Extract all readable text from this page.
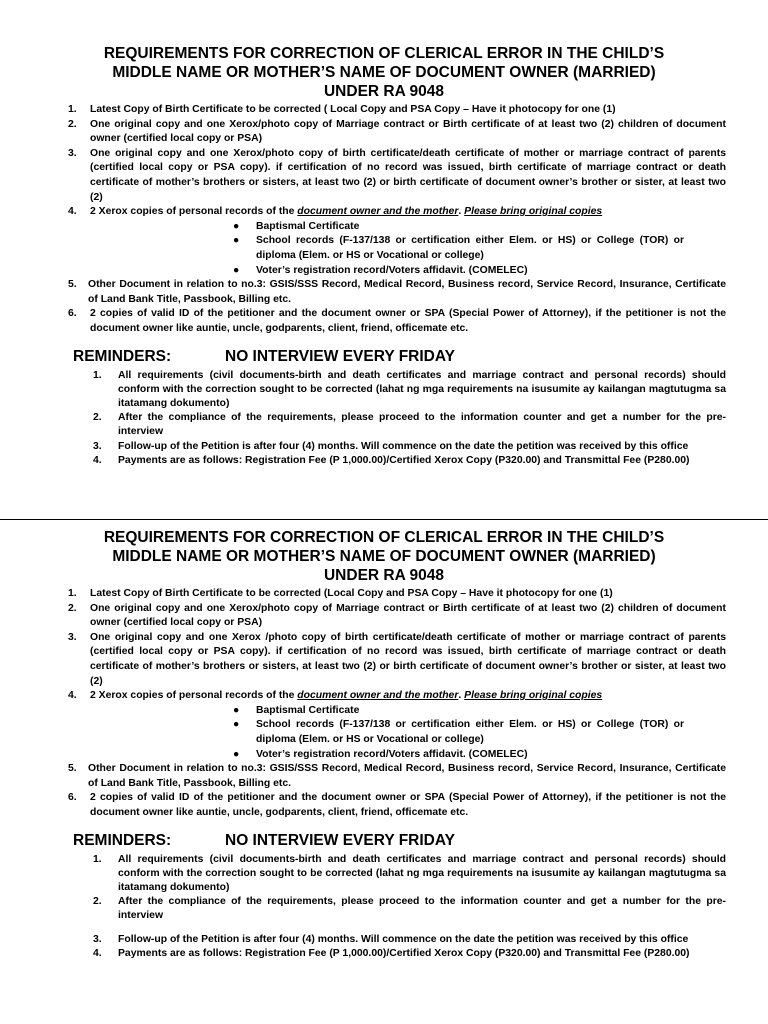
REQUIREMENTS FOR CORRECTION OF CLERICAL ERROR IN THE CHILD’S
MIDDLE NAME OR MOTHER’S NAME OF DOCUMENT OWNER (MARRIED)
UNDER RA 9048
1. Latest Copy of Birth Certificate to be corrected ( Local Copy and PSA Copy – Have it photocopy for one (1)
2. One original copy and one Xerox/photo copy of Marriage contract or Birth certificate of at least two (2) children of document owner (certified local copy or PSA)
3. One original copy and one Xerox/photo copy of birth certificate/death certificate of mother or marriage contract of parents (certified local copy or PSA copy). if certification of no record was issued, birth certificate of marriage contract or death certificate of mother’s brothers or sisters, at least two (2) or birth certificate of document owner’s brother or sister, at least two (2)
4. 2 Xerox copies of personal records of the document owner and the mother. Please bring original copies
● Baptismal Certificate
● School records (F-137/138 or certification either Elem. or HS) or College (TOR) or diploma (Elem. or HS or Vocational or college)
● Voter’s registration record/Voters affidavit. (COMELEC)
5. Other Document in relation to no.3: GSIS/SSS Record, Medical Record, Business record, Service Record, Insurance, Certificate of Land Bank Title, Passbook, Billing etc.
6. 2 copies of valid ID of the petitioner and the document owner or SPA (Special Power of Attorney), if the petitioner is not the document owner like auntie, uncle, godparents, client, friend, officemate etc.
REMINDERS:	NO INTERVIEW EVERY FRIDAY
1. All requirements (civil documents-birth and death certificates and marriage contract and personal records) should conform with the correction sought to be corrected (lahat ng mga requirements na isusumite ay kailangan magtutugma sa itatamang dokumento)
2. After the compliance of the requirements, please proceed to the information counter and get a number for the pre-interview
3. Follow-up of the Petition is after four (4) months. Will commence on the date the petition was received by this office
4. Payments are as follows: Registration Fee (P 1,000.00)/Certified Xerox Copy (P320.00) and Transmittal Fee (P280.00)
REQUIREMENTS FOR CORRECTION OF CLERICAL ERROR IN THE CHILD’S
MIDDLE NAME OR MOTHER’S NAME OF DOCUMENT OWNER (MARRIED)
UNDER RA 9048
1. Latest Copy of Birth Certificate to be corrected (Local Copy and PSA Copy – Have it photocopy for one (1)
2. One original copy and one Xerox/photo copy of Marriage contract or Birth certificate of at least two (2) children of document owner (certified local copy or PSA)
3. One original copy and one Xerox /photo copy of birth certificate/death certificate of mother or marriage contract of parents (certified local copy or PSA copy). if certification of no record was issued, birth certificate of marriage contract or death certificate of mother’s brothers or sisters, at least two (2) or birth certificate of document owner’s brother or sister, at least two (2)
4. 2 Xerox copies of personal records of the document owner and the mother. Please bring original copies
● Baptismal Certificate
● School records (F-137/138 or certification either Elem. or HS) or College (TOR) or diploma (Elem. or HS or Vocational or college)
● Voter’s registration record/Voters affidavit. (COMELEC)
5. Other Document in relation to no.3: GSIS/SSS Record, Medical Record, Business record, Service Record, Insurance, Certificate of Land Bank Title, Passbook, Billing etc.
6. 2 copies of valid ID of the petitioner and the document owner or SPA (Special Power of Attorney), if the petitioner is not the document owner like auntie, uncle, godparents, client, friend, officemate etc.
REMINDERS:	NO INTERVIEW EVERY FRIDAY
1. All requirements (civil documents-birth and death certificates and marriage contract and personal records) should conform with the correction sought to be corrected (lahat ng mga requirements na isusumite ay kailangan magtutugma sa itatamang dokumento)
2. After the compliance of the requirements, please proceed to the information counter and get a number for the pre-interview
3. Follow-up of the Petition is after four (4) months. Will commence on the date the petition was received by this office
4. Payments are as follows: Registration Fee (P 1,000.00)/Certified Xerox Copy (P320.00) and Transmittal Fee (P280.00)
